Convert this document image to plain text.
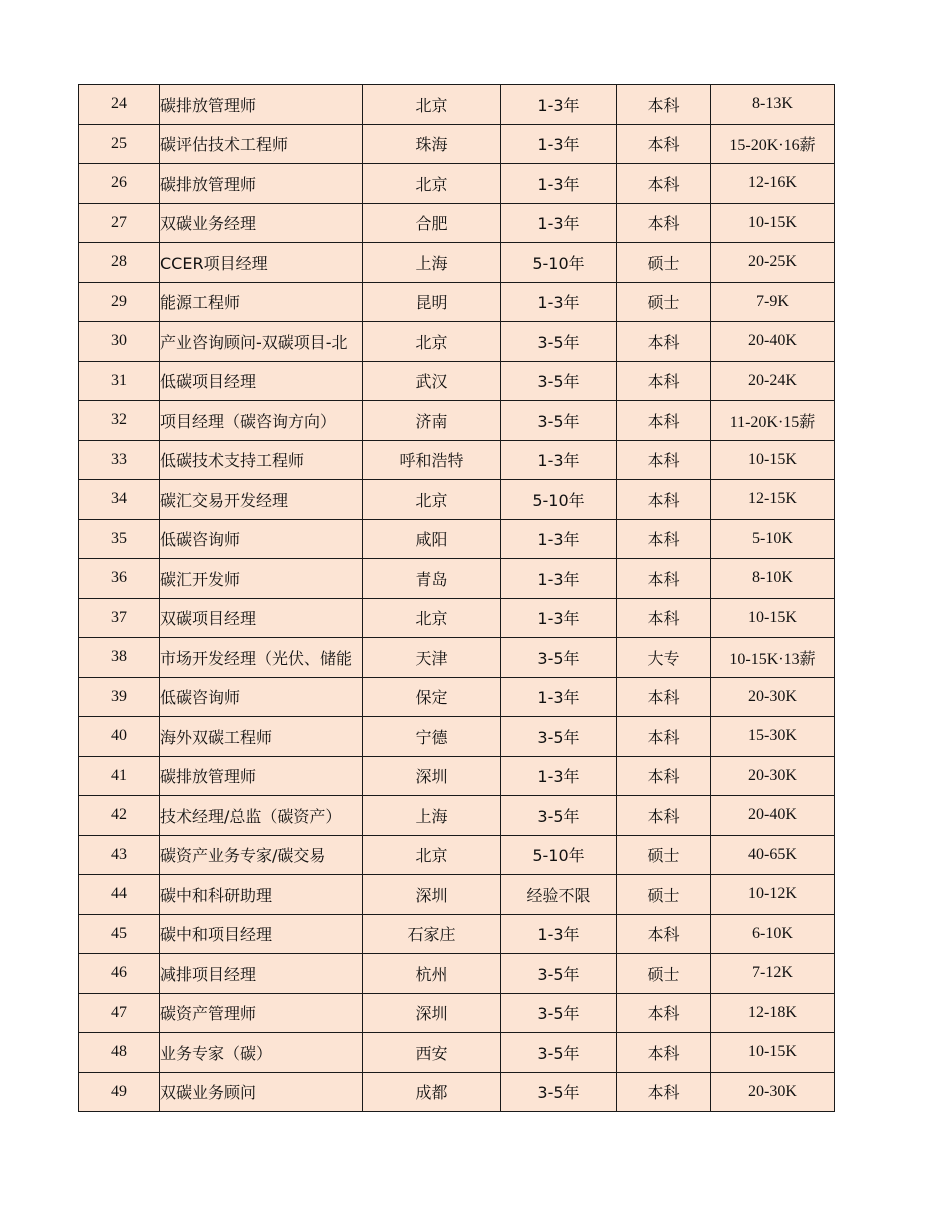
24	碳排放管理师	北京	1-3年	本科	8-13K
25	碳评估技术工程师	珠海	1-3年	本科	15-20K·16薪
26	碳排放管理师	北京	1-3年	本科	12-16K
27	双碳业务经理	合肥	1-3年	本科	10-15K
28	CCER项目经理	上海	5-10年	硕士	20-25K
29	能源工程师	昆明	1-3年	硕士	7-9K
30	产业咨询顾问-双碳项目-北	北京	3-5年	本科	20-40K
31	低碳项目经理	武汉	3-5年	本科	20-24K
32	项目经理（碳咨询方向）	济南	3-5年	本科	11-20K·15薪
33	低碳技术支持工程师	呼和浩特	1-3年	本科	10-15K
34	碳汇交易开发经理	北京	5-10年	本科	12-15K
35	低碳咨询师	咸阳	1-3年	本科	5-10K
36	碳汇开发师	青岛	1-3年	本科	8-10K
37	双碳项目经理	北京	1-3年	本科	10-15K
38	市场开发经理（光伏、储能	天津	3-5年	大专	10-15K·13薪
39	低碳咨询师	保定	1-3年	本科	20-30K
40	海外双碳工程师	宁德	3-5年	本科	15-30K
41	碳排放管理师	深圳	1-3年	本科	20-30K
42	技术经理/总监（碳资产）	上海	3-5年	本科	20-40K
43	碳资产业务专家/碳交易	北京	5-10年	硕士	40-65K
44	碳中和科研助理	深圳	经验不限	硕士	10-12K
45	碳中和项目经理	石家庄	1-3年	本科	6-10K
46	减排项目经理	杭州	3-5年	硕士	7-12K
47	碳资产管理师	深圳	3-5年	本科	12-18K
48	业务专家（碳）	西安	3-5年	本科	10-15K
49	双碳业务顾问	成都	3-5年	本科	20-30K
